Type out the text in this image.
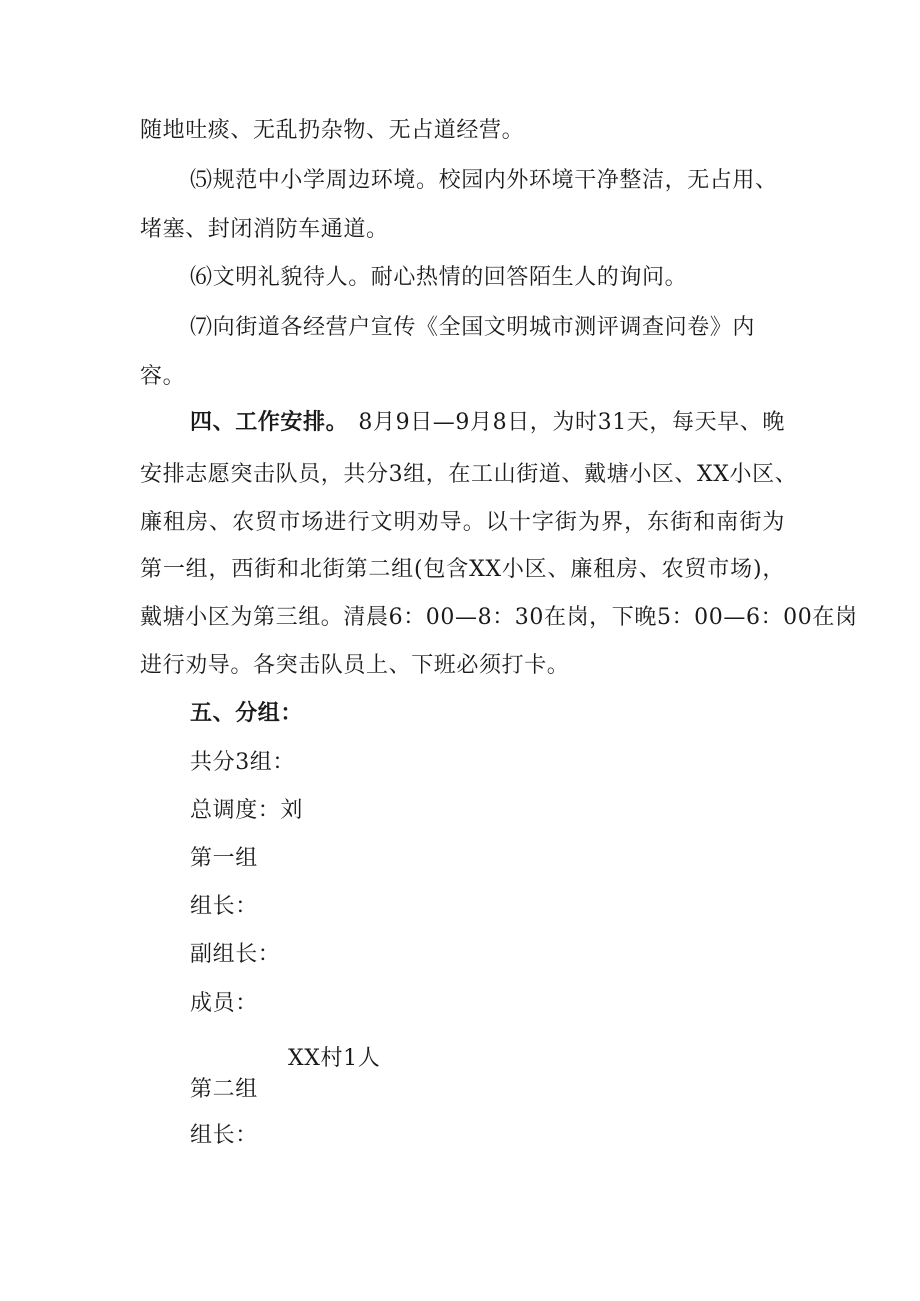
随地吐痰、无乱扔杂物、无占道经营。
⑸规范中小学周边环境。校园内外环境干净整洁，无占用、
堵塞、封闭消防车通道。
⑹文明礼貌待人。耐心热情的回答陌生人的询问。
⑺向街道各经营户宣传《全国文明城市测评调查问卷》内
容。
四、工作安排。 8月9日—9月8日，为时31天，每天早、晚
安排志愿突击队员，共分3组，在工山街道、戴塘小区、XX小区、
廉租房、农贸市场进行文明劝导。以十字街为界，东街和南街为
第一组，西街和北街第二组(包含XX小区、廉租房、农贸市场)，
戴塘小区为第三组。清晨6：00—8：30在岗，下晚5：00—6：00在岗
进行劝导。各突击队员上、下班必须打卡。
五、分组：
共分3组：
总调度：刘
第一组
组长：
副组长：
成员：
XX村1人
第二组
组长：
